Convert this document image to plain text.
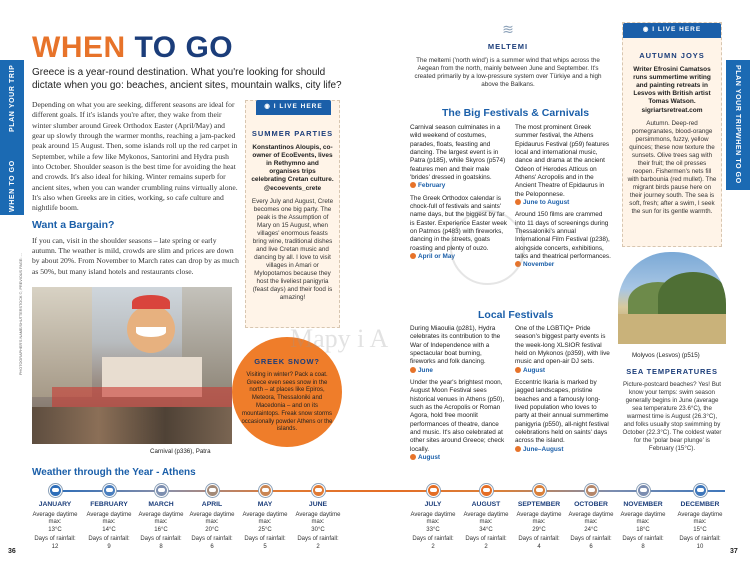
PLAN YOUR TRIP
WHEN TO GO
PLAN YOUR TRIP
WHEN TO GO
WHEN TO GO
Greece is a year-round destination. What you're looking for should dictate when you go: beaches, ancient sites, mountain walks, city life?
Depending on what you are seeking, different seasons are ideal for different goals. If it's islands you're after, they wake from their winter slumber around Greek Orthodox Easter (April/May) and gear up slowly through the warmer months, reaching a jam-packed peak around 15 August. Then, some islands roll up the red carpet in September, while a few like Mykonos, Santorini and Hydra push into October. Shoulder season is the best time for avoiding the heat and crowds. It's also ideal for hiking. Winter remains superb for ancient sites, when you can wander crumbling ruins virtually alone. It's also when Greeks are in cities, working, so cafe culture and nightlife boom.
Want a Bargain?
If you can, visit in the shoulder seasons – late spring or early autumn. The weather is mild, crowds are slim and prices are down by about 20%. From November to March rates can drop by as much as 50%, but many island hotels and restaurants close.
◉ I LIVE HERE
SUMMER PARTIES
Konstantinos Aloupis, co-owner of EcoEvents, lives in Rethymno and organises trips celebrating Cretan culture. @ecoevents_crete
Every July and August, Crete becomes one big party. The peak is the Assumption of Mary on 15 August, when villages' enormous feasts bring wine, traditional dishes and live Cretan music and dancing by all. I love to visit villages in Amari or Mylopotamos because they host the liveliest panigyria (feast days) and their food is amazing!
PHOTOGRAPHER'S NAME/SHUTTERSTOCK ©, PREVIOUS PAGE: ...
Carnival (p336), Patra
GREEK SNOW?
Visiting in winter? Pack a coat. Greece even sees snow in the north – at places like Epiros, Meteora, Thessaloniki and Macedonia – and on its mountaintops. Freak snow storms occasionally powder Athens or the islands.
≋
MELTEMI
The meltemi ('north wind') is a summer wind that whips across the Aegean from the north, mainly between June and September. It's created primarily by a low-pressure system over Türkiye and a high above the Balkans.
The Big Festivals & Carnivals

Carnival season culminates in a wild weekend of costumes, parades, floats, feasting and dancing. The largest event is in Patra (p185), while Skyros (p574) features men and their male 'brides' dressed in goatskins.

February

The Greek Orthodox calendar is chock-full of festivals and saints' name days, but the biggest by far is Easter. Experience Easter week on Patmos (p483) with fireworks, dancing in the streets, goats roasting and plenty of ouzo.

April or May

The most prominent Greek summer festival, the Athens Epidaurus Festival (p59) features local and international music, dance and drama at the ancient Odeon of Herodes Atticus on Athens' Acropolis and in the Ancient Theatre of Epidaurus in the Peloponnese.

June to August

Around 150 films are crammed into 11 days of screenings during Thessaloniki's annual International Film Festival (p238), alongside concerts, exhibitions, talks and theatrical performances.

November
Local Festivals

During Miaoulia (p281), Hydra celebrates its contribution to the War of Independence with a spectacular boat burning, fireworks and folk dancing.

June

Under the year's brightest moon, August Moon Festival sees historical venues in Athens (p50), such as the Acropolis or Roman Agora, hold free moonlit performances of theatre, dance and music. It's also celebrated at other sites around Greece; check locally.

August

One of the LGBTIQ+ Pride season's biggest party events is the week-long XLSIOR festival held on Mykonos (p359), with live music and open-air DJ sets.

August

Eccentric Ikaria is marked by jagged landscapes, pristine beaches and a famously long-lived population who loves to party at their annual summertime panigyria (p550), all-night festival celebrations held on saints' days across the island.

June–August
Mapy i A
◉ I LIVE HERE
AUTUMN JOYS
Writer Efrosini Camatsos runs summertime writing and painting retreats in Lesvos with British artist Tomas Watson. sigriartsretreat.com
Autumn. Deep-red pomegranates, blood-orange persimmons, fuzzy, yellow quinces; these now texture the sunsets. Olive trees sag with their fruit; the oil presses reopen. Fishermen's nets fill with barbounia (red mullet). The migrant birds pause here on their journey south. The sea is soft, fresh; after a swim, I seek the sun for its gentle warmth.
Molyvos (Lesvos) (p515)
SEA TEMPERATURES
Picture-postcard beaches? Yes! But know your temps: swim season generally begins in June (average sea temperature 23.6°C), the warmest time is August (26.3°C), and folks usually stop swimming by October (22.3°C). The coldest water for the 'polar bear plunge' is February (15°C).
Weather through the Year - Athens
JANUARY
Average daytime max:
13°C
Days of rainfall:
12
FEBRUARY
Average daytime max:
14°C
Days of rainfall:
9
MARCH
Average daytime max:
16°C
Days of rainfall:
8
APRIL
Average daytime max:
20°C
Days of rainfall:
6
MAY
Average daytime max:
25°C
Days of rainfall:
5
JUNE
Average daytime max:
30°C
Days of rainfall:
2
JULY
Average daytime max:
33°C
Days of rainfall:
2
AUGUST
Average daytime max:
34°C
Days of rainfall:
2
SEPTEMBER
Average daytime max:
29°C
Days of rainfall:
4
OCTOBER
Average daytime max:
24°C
Days of rainfall:
6
NOVEMBER
Average daytime max:
18°C
Days of rainfall:
8
DECEMBER
Average daytime max:
15°C
Days of rainfall:
10
36	37
